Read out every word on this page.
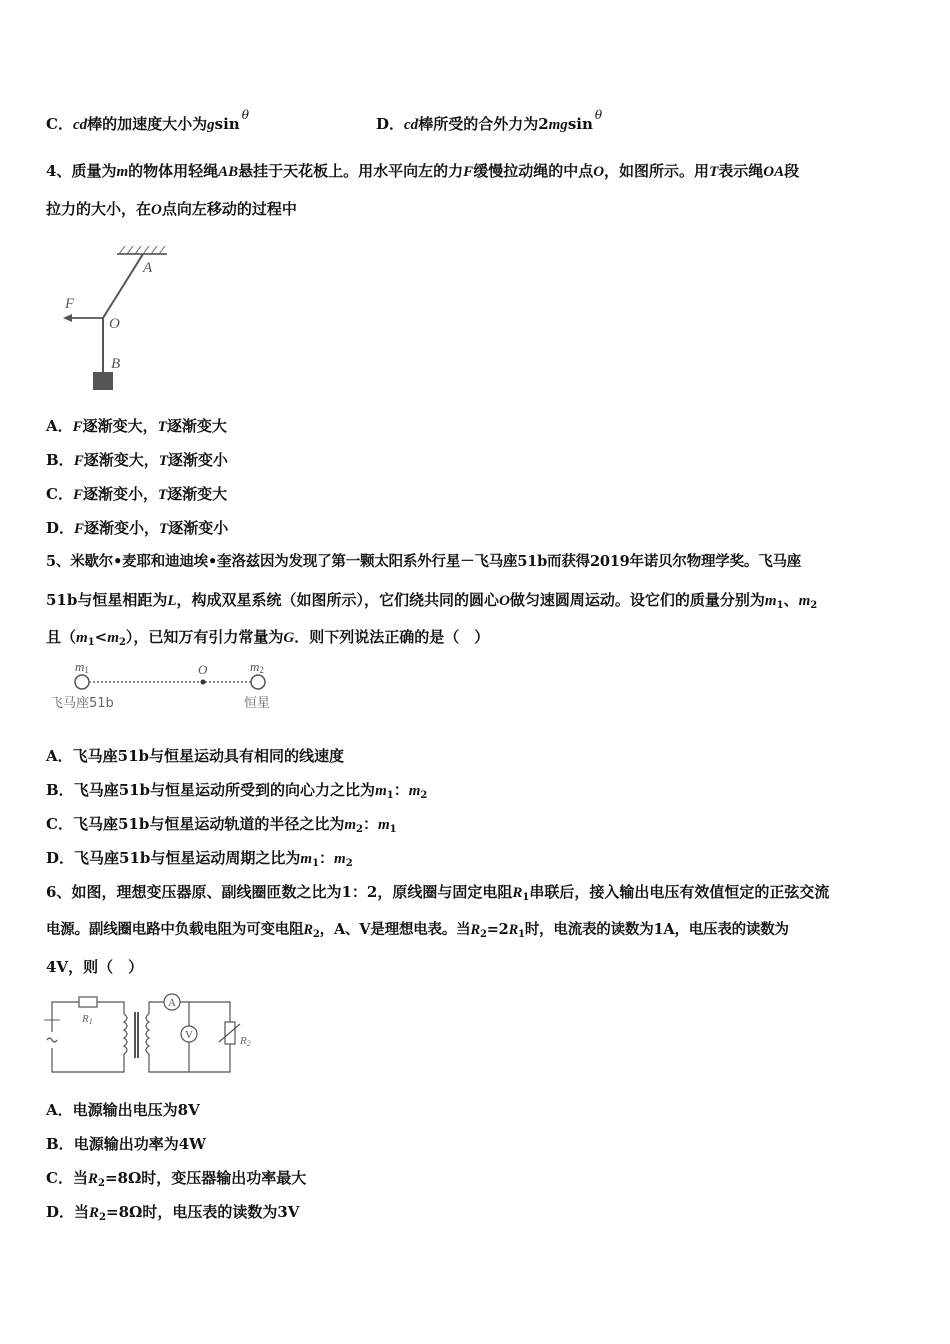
C．cd棒的加速度大小为gsin $^\theta$	D．cd棒所受的合外力为2mgsin $^\theta$
4、质量为m的物体用轻绳AB悬挂于天花板上。用水平向左的力F缓慢拉动绳的中点O，如图所示。用T表示绳OA段
拉力的大小，在O点向左移动的过程中
A
O
F
B
A．F逐渐变大，T逐渐变大
B．F逐渐变大，T逐渐变小
C．F逐渐变小，T逐渐变大
D．F逐渐变小，T逐渐变小
5、米歇尔•麦耶和迪迪埃•奎洛兹因为发现了第一颗太阳系外行星－飞马座51b而获得2019年诺贝尔物理学奖。飞马座
51b与恒星相距为L，构成双星系统（如图所示），它们绕共同的圆心O做匀速圆周运动。设它们的质量分别为$m_1$、$m_2$
且$(m_1<m_2)$，已知万有引力常量为G．则下列说法正确的是（　）
m1	O	m2
飞马座51b	恒星
A．飞马座51b与恒星运动具有相同的线速度
B．飞马座51b与恒星运动所受到的向心力之比为$m_1$：$m_2$
C．飞马座51b与恒星运动轨道的半径之比为$m_2$：$m_1$
D．飞马座51b与恒星运动周期之比为$m_1$：$m_2$
6、如图，理想变压器原、副线圈匝数之比为1：2，原线圈与固定电阻$R_1$串联后，接入输出电压有效值恒定的正弦交流
电源。副线圈电路中负载电阻为可变电阻$R_2$，A、V是理想电表。当$R_2=2R_1$时，电流表的读数为1A，电压表的读数为
4V，则（　）
A
V
R1
R2
A．电源输出电压为8V
B．电源输出功率为4W
C．当$R_2=8\Omega$时，变压器输出功率最大
D．当$R_2=8\Omega$时，电压表的读数为3V
